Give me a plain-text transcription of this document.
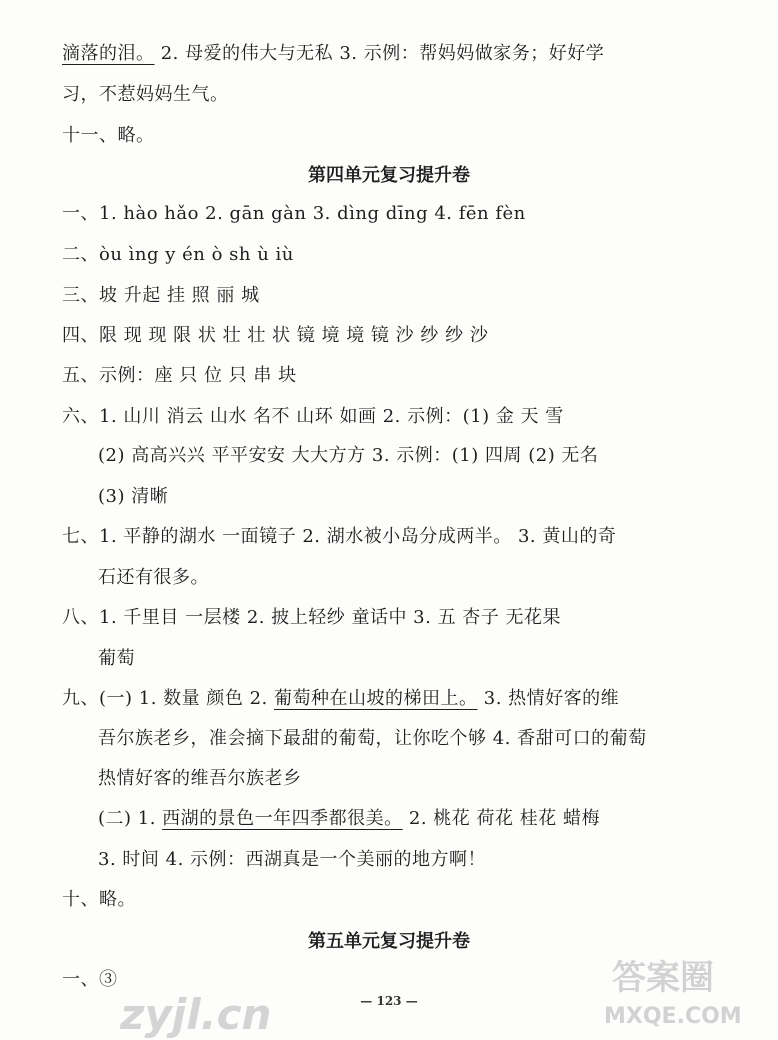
滴落的泪。 2. 母爱的伟大与无私 3. 示例：帮妈妈做家务；好好学
习，不惹妈妈生气。
十一、略。
第四单元复习提升卷
一、1. hào hǎo 2. gān gàn 3. dìng dīng 4. fēn fèn
二、òu ìng y én ò sh ù iù
三、坡 升起 挂 照 丽 城
四、限 现 现 限 状 壮 壮 状 镜 境 境 镜 沙 纱 纱 沙
五、示例：座 只 位 只 串 块
六、1. 山川 消云 山水 名不 山环 如画 2. 示例：(1) 金 天 雪
(2) 高高兴兴 平平安安 大大方方 3. 示例：(1) 四周 (2) 无名
(3) 清晰
七、1. 平静的湖水 一面镜子 2. 湖水被小岛分成两半。 3. 黄山的奇
石还有很多。
八、1. 千里目 一层楼 2. 披上轻纱 童话中 3. 五 杏子 无花果
葡萄
九、(一) 1. 数量 颜色 2. 葡萄种在山坡的梯田上。 3. 热情好客的维
吾尔族老乡，准会摘下最甜的葡萄，让你吃个够 4. 香甜可口的葡萄
热情好客的维吾尔族老乡
(二) 1. 西湖的景色一年四季都很美。 2. 桃花 荷花 桂花 蜡梅
3. 时间 4. 示例：西湖真是一个美丽的地方啊！
十、略。
第五单元复习提升卷
一、③
— 123 —
zyjl.cn
答案圈
MXQE.COM
